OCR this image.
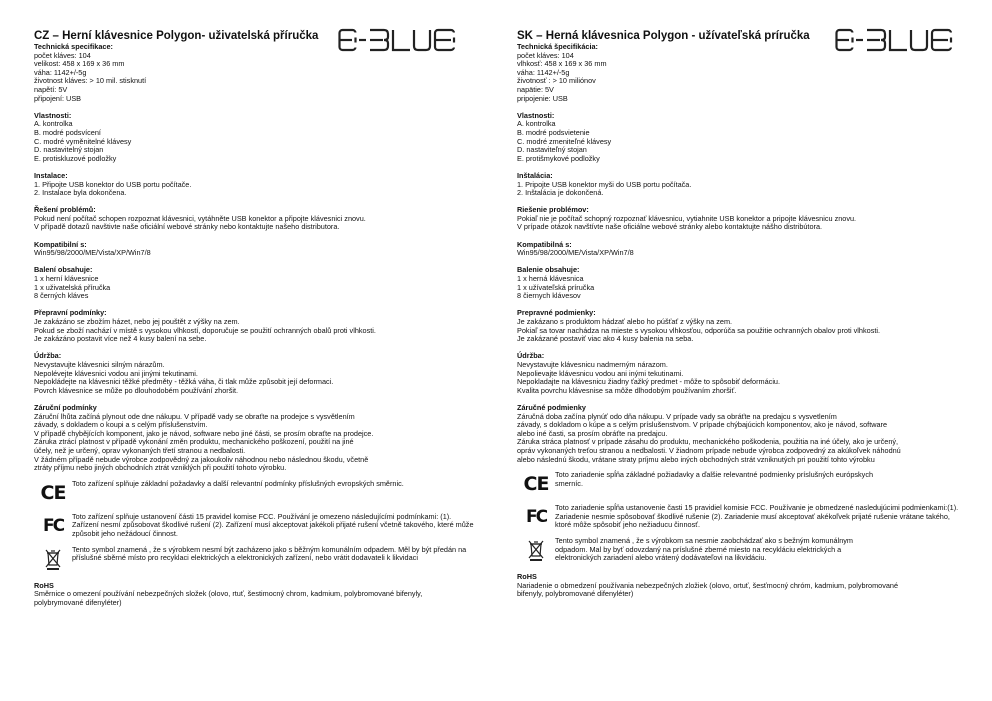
CZ – Herní klávesnice Polygon- uživatelská příručka
Technická specifikace:
počet kláves: 104
velikost: 458 x 169 x 36 mm
váha: 1142+/-5g
životnost kláves: > 10 mil. stisknutí
napětí: 5V
připojení: USB
Vlastnosti:
A. kontrolka
B. modré podsvícení
C. modré vyměnitelné klávesy
D. nastavitelný stojan
E. protiskluzové podložky
Instalace:
1. Připojte USB konektor do USB portu počítače.
2. Instalace byla dokončena.
Řešení problémů:
Pokud není počítač schopen rozpoznat klávesnici, vytáhněte USB konektor a připojte klávesnici znovu.
V případě dotazů navštivte naše oficiální webové stránky nebo kontaktujte našeho distributora.
Kompatibilní s:
Win95/98/2000/ME/Vista/XP/Win7/8
Balení obsahuje:
1 x herní klávesnice
1 x uživatelská příručka
8 černých kláves
Přepravní podmínky:
Je zakázáno se zbožím házet, nebo jej pouštět z výšky na zem.
Pokud se zboží nachází v místě s vysokou vlhkostí, doporučuje se použití ochranných obalů proti vlhkosti.
Je zakázáno postavit více než 4 kusy balení na sebe.
Údržba:
Nevystavujte klávesnici silným nárazům.
Nepolévejte klávesnici vodou ani jinými tekutinami.
Nepokládejte na klávesnici těžké předměty - těžká váha, či tlak může způsobit její deformaci.
Povrch klávesnice se může po dlouhodobém používání zhoršit.
Záruční podmínky
Záruční lhůta začíná plynout ode dne nákupu. V případě vady se obraťte na prodejce s vysvětlením
závady, s dokladem o koupi a s celým příslušenstvím.
V případě chybějících komponent, jako je návod, software nebo jiné části, se prosím obraťte na prodejce.
Záruka ztrácí platnost v případě vykonání změn produktu, mechanického poškození, použití na jiné
účely, než je určený, oprav vykonaných třetí stranou a nedbalosti.
V žádném případě nebude výrobce zodpovědný za jakoukoliv náhodnou nebo následnou škodu, včetně
ztráty příjmu nebo jiných obchodních ztrát vzniklých při použití tohoto výrobku.
CE Toto zařízení splňuje základní požadavky a další relevantní podmínky příslušných evropských směrnic.
FC Toto zařízení splňuje ustanovení části 15 pravidel komise FCC. Používání je omezeno následujícími podmínkami: (1). Zařízení nesmí způsobovat škodlivé rušení (2). Zařízení musí akceptovat jakékoli přijaté rušení včetně takového, které může způsobit jeho nežádoucí činnost.
Tento symbol znamená , že s výrobkem nesmí být zacházeno jako s běžným komunálním odpadem. Měl by být předán na příslušné sběrné místo pro recyklaci elektrických a elektronických zařízení, nebo vrátit dodavateli k likvidaci
RoHS
Směrnice o omezení používání nebezpečných složek (olovo, rtuť, šestimocný chrom, kadmium, polybromované bifenyly, polybrymované difenyléter)
SK – Herná klávesnica Polygon - užívateľská príručka
Technická špecifikácia:
počet kláves: 104
vlhkosť: 458 x 169 x 36 mm
váha: 1142+/-5g
životnosť : > 10 miliónov
napätie: 5V
pripojenie: USB
Vlastnosti:
A. kontrolka
B. modré podsvietenie
C. modré zmeniteľné klávesy
D. nastaviteľný stojan
E. protišmykové podložky
Inštalácia:
1. Pripojte USB konektor myši do USB portu počítača.
2. Inštalácia je dokončená.
Riešenie problémov:
Pokiaľ nie je počítač schopný rozpoznať klávesnicu, vytiahnite USB konektor a pripojte klávesnicu znovu.
V prípade otázok navštívte naše oficiálne webové stránky alebo kontaktujte nášho distribútora.
Kompatibilná s:
Win95/98/2000/ME/Vista/XP/Win7/8
Balenie obsahuje:
1 x herná klávesnica
1 x užívateľská príručka
8 čiernych klávesov
Prepravné podmienky:
Je zakázano s produktom hádzať alebo ho púšťať z výšky na zem.
Pokiaľ sa tovar nachádza na mieste s vysokou vlhkosťou, odporúča sa použitie ochranných obalov proti vlhkosti.
Je zakázané postaviť viac ako 4 kusy balenia na seba.
Údržba:
Nevystavujte klávesnicu nadmerným nárazom.
Nepolievajte klávesnicu vodou ani inými tekutinami.
Nepokladajte na klávesnicu žiadny ťažký predmet - môže to spôsobiť deformáciu.
Kvalita povrchu klávesnise sa môže dlhodobým používaním zhoršiť.
Záručné podmienky
Záručná doba začína plynúť odo dňa nákupu. V prípade vady sa obráťte na predajcu s vysvetlením
závady, s dokladom o kúpe a s celým príslušenstvom. V prípade chýbajúcich komponentov, ako je návod, software
alebo iné časti, sa prosím obráťte na predajcu.
Záruka stráca platnosť v prípade zásahu do produktu, mechanického poškodenia, použitia na iné účely, ako je určený,
opráv vykonaných treťou stranou a nedbalosti. V žiadnom prípade nebude výrobca zodpovedný za akúkoľvek náhodnú
alebo následnú škodu, vrátane straty príjmu alebo iných obchodných strát vzniknutých pri použití tohto výrobku
CE Toto zariadenie spĺňa základné požiadavky a ďalšie relevantné podmienky príslušných európskych smerníc.
FC Toto zariadenie spĺňa ustanovenie časti 15 pravidiel komisie FCC. Používanie je obmedzené nasledujúcimi podmienkami:(1). Zariadenie nesmie spôsobovať škodlivé rušenie (2). Zariadenie musí akceptovať akékoľvek prijaté rušenie vrátane takého, ktoré môže spôsobiť jeho nežiaducu činnosť.
Tento symbol znamená , že s výrobkom sa nesmie zaobchádzať ako s bežným komunálnym odpadom. Mal by byť odovzdaný na príslušné zberné miesto na recykláciu elektrických a elektronických zariadení alebo vrátený dodávateľovi na likvidáciu.
RoHS
Nariadenie o obmedzení používania nebezpečných zložiek (olovo, ortuť, šesťmocný chróm, kadmium, polybromované bifenyly, polybromované difenyléter)
